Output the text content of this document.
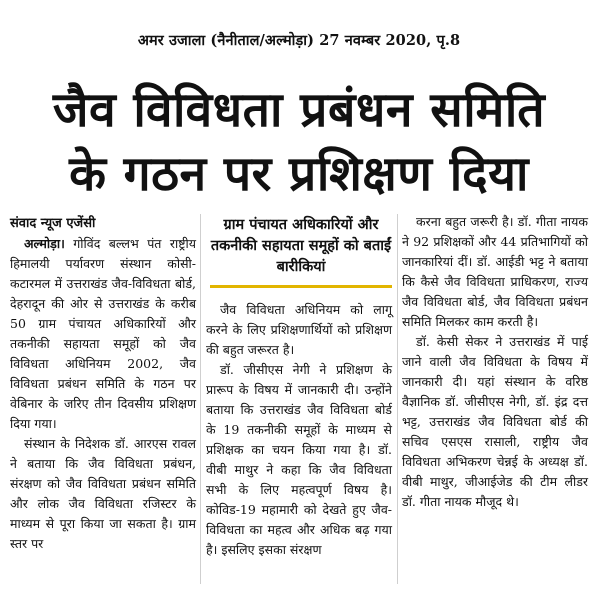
अमर उजाला (नैनीताल/अल्मोड़ा) 27 नवम्बर 2020, पृ.8
जैव विविधता प्रबंधन समिति
के गठन पर प्रशिक्षण दिया

संवाद न्यूज एजेंसी

अल्मोड़ा। गोविंद बल्लभ पंत राष्ट्रीय हिमालयी पर्यावरण संस्थान कोसी-कटारमल में उत्तराखंड जैव-विविधता बोर्ड, देहरादून की ओर से उत्तराखंड के करीब 50 ग्राम पंचायत अधिकारियों और तकनीकी सहायता समूहों को जैव विविधता अधिनियम 2002, जैव विविधता प्रबंधन समिति के गठन पर वेबिनार के जरिए तीन दिवसीय प्रशिक्षण दिया गया।

संस्थान के निदेशक डॉ. आरएस रावल ने बताया कि जैव विविधता प्रबंधन, संरक्षण को जैव विविधता प्रबंधन समिति और लोक जैव विविधता रजिस्टर के माध्यम से पूरा किया जा सकता है। ग्राम स्तर पर

ग्राम पंचायत अधिकारियों और तकनीकी सहायता समूहों को बताईं बारीकियां

जैव विविधता अधिनियम को लागू करने के लिए प्रशिक्षणार्थियों को प्रशिक्षण की बहुत जरूरत है।

डॉ. जीसीएस नेगी ने प्रशिक्षण के प्रारूप के विषय में जानकारी दी। उन्होंने बताया कि उत्तराखंड जैव विविधता बोर्ड के 19 तकनीकी समूहों के माध्यम से प्रशिक्षक का चयन किया गया है। डॉ. वीबी माथुर ने कहा कि जैव विविधता सभी के लिए महत्वपूर्ण विषय है। कोविड-19 महामारी को देखते हुए जैव-विविधता का महत्व और अधिक बढ़ गया है। इसलिए इसका संरक्षण

करना बहुत जरूरी है। डॉ. गीता नायक ने 92 प्रशिक्षकों और 44 प्रतिभागियों को जानकारियां दीं। डॉ. आईडी भट्ट ने बताया कि कैसे जैव विविधता प्राधिकरण, राज्य जैव विविधता बोर्ड, जैव विविधता प्रबंधन समिति मिलकर काम करती है।

डॉ. केसी सेकर ने उत्तराखंड में पाई जाने वाली जैव विविधता के विषय में जानकारी दी। यहां संस्थान के वरिष्ठ वैज्ञानिक डॉ. जीसीएस नेगी, डॉ. इंद्र दत्त भट्ट, उत्तराखंड जैव विविधता बोर्ड की सचिव एसएस रासाली, राष्ट्रीय जैव विविधता अभिकरण चेन्नई के अध्यक्ष डॉ. वीबी माथुर, जीआईजेड की टीम लीडर डॉ. गीता नायक मौजूद थे।
